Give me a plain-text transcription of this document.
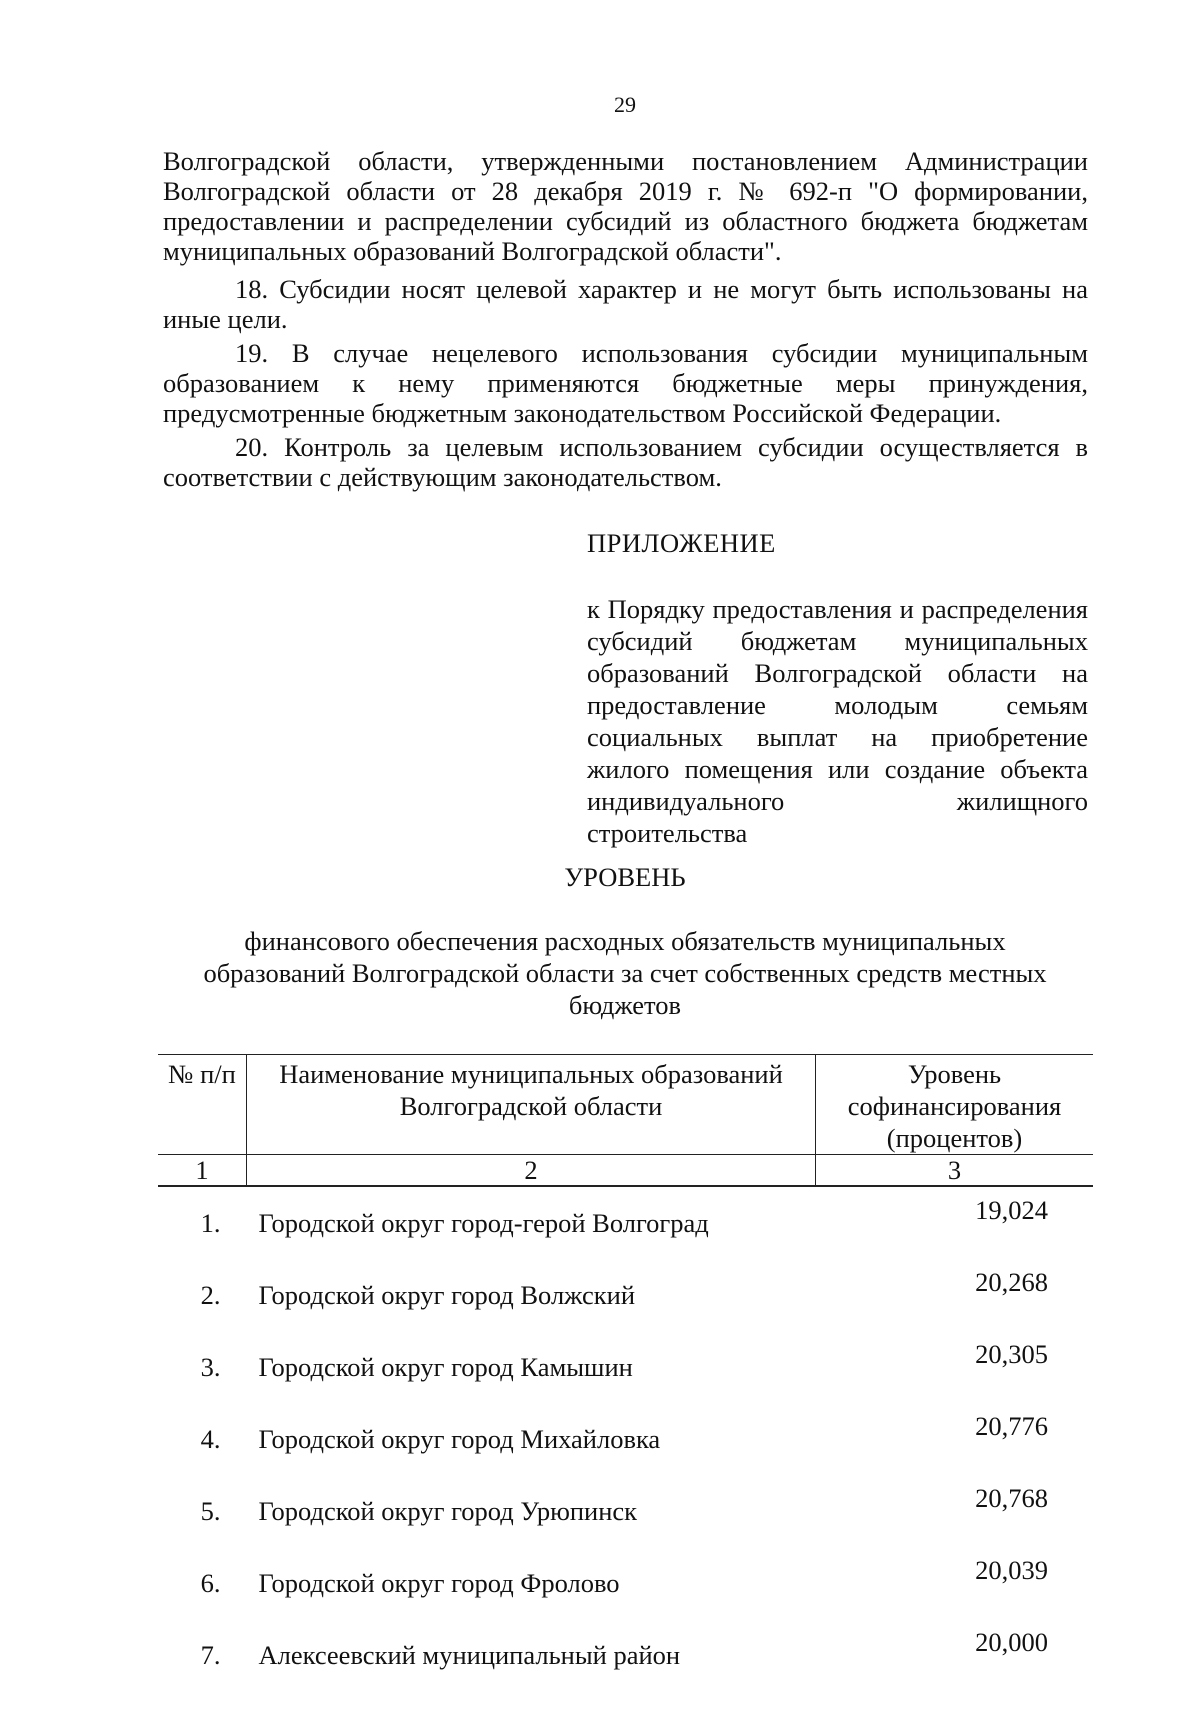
29
Волгоградской области, утвержденными постановлением Администрации Волгоградской области от 28 декабря 2019 г. № 692-п "О формировании, предоставлении и распределении субсидий из областного бюджета бюджетам муниципальных образований Волгоградской области".
18. Субсидии носят целевой характер и не могут быть использованы на иные цели.
19. В случае нецелевого использования субсидии муниципальным образованием к нему применяются бюджетные меры принуждения, предусмотренные бюджетным законодательством Российской Федерации.
20. Контроль за целевым использованием субсидии осуществляется в соответствии с действующим законодательством.
ПРИЛОЖЕНИЕ
к Порядку предоставления и распределения субсидий бюджетам муниципальных образований Волгоградской области на предоставление молодым семьям социальных выплат на приобретение жилого помещения или создание объекта индивидуального жилищного строительства
УРОВЕНЬ
финансового обеспечения расходных обязательств муниципальных образований Волгоградской области за счет собственных средств местных бюджетов
№ п/п	Наименование муниципальных образований Волгоградской области	Уровень софинансирования (процентов)
1	2	3
1.	Городской округ город-герой Волгоград	19,024
2.	Городской округ город Волжский	20,268
3.	Городской округ город Камышин	20,305
4.	Городской округ город Михайловка	20,776
5.	Городской округ город Урюпинск	20,768
6.	Городской округ город Фролово	20,039
7.	Алексеевский муниципальный район	20,000
